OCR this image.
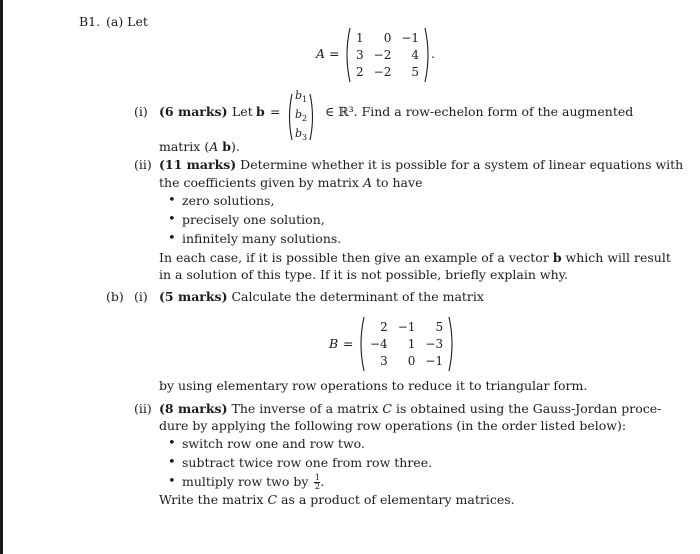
B1. (a) Let
A =
1	0 −1
3 −2	4
2 −2	5
.
(i) (6 marks) Let b =
$b_1$
$b_2$
$b_3$
∈ ℝ³. Find a row-echelon form of the augmented
matrix (A b).
(ii) (11 marks) Determine whether it is possible for a system of linear equations with
the coefficients given by matrix A to have
• zero solutions,
• precisely one solution,
• infinitely many solutions.
In each case, if it is possible then give an example of a vector b which will result
in a solution of this type. If it is not possible, briefly explain why.
(b) (i) (5 marks) Calculate the determinant of the matrix
B =
2 −1	5
−4	1 −3
3	0 −1
by using elementary row operations to reduce it to triangular form.
(ii) (8 marks) The inverse of a matrix C is obtained using the Gauss-Jordan proce-
dure by applying the following row operations (in the order listed below):
• switch row one and row two.
• subtract twice row one from row three.
• multiply row two by $\frac{1}{2}$ .
Write the matrix C as a product of elementary matrices.
